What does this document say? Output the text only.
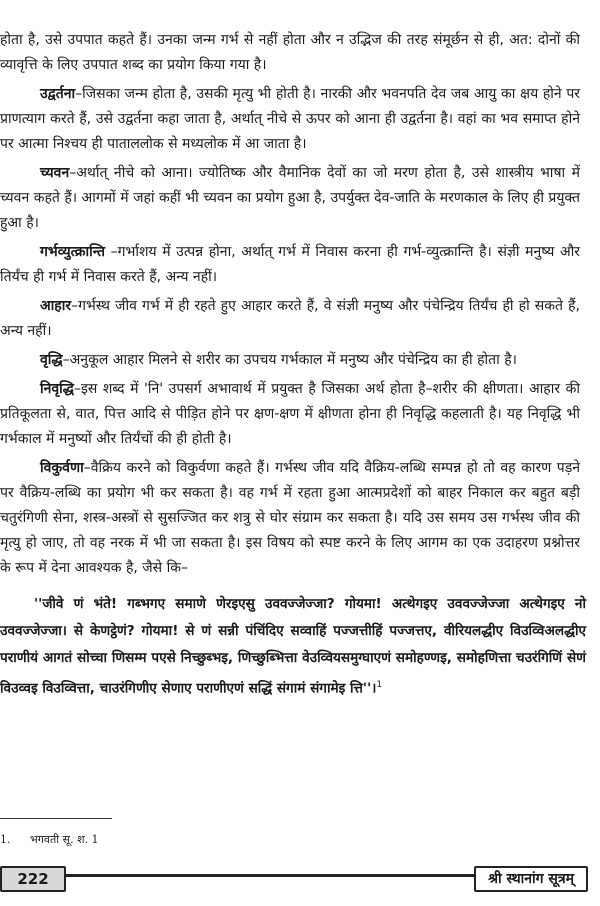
होता है, उसे उपपात कहते हैं। उनका जन्म गर्भ से नहीं होता और न उद्भिज की तरह संमूर्छन से ही, अत: दोनों की व्यावृत्ति के लिए उपपात शब्द का प्रयोग किया गया है।

उद्वर्तना–जिसका जन्म होता है, उसकी मृत्यु भी होती है। नारकी और भवनपति देव जब आयु का क्षय होने पर प्राणत्याग करते हैं, उसे उद्वर्तना कहा जाता है, अर्थात् नीचे से ऊपर को आना ही उद्वर्तना है। वहां का भव समाप्त होने पर आत्मा निश्चय ही पाताललोक से मध्यलोक में आ जाता है।

च्यवन–अर्थात् नीचे को आना। ज्योतिष्क और वैमानिक देवों का जो मरण होता है, उसे शास्त्रीय भाषा में च्यवन कहते हैं। आगमों में जहां कहीं भी च्यवन का प्रयोग हुआ है, उपर्युक्त देव-जाति के मरणकाल के लिए ही प्रयुक्त हुआ है।

गर्भव्युत्क्रान्ति –गर्भाशय में उत्पन्न होना, अर्थात् गर्भ में निवास करना ही गर्भ-व्युत्क्रान्ति है। संज्ञी मनुष्य और तिर्यंच ही गर्भ में निवास करते हैं, अन्य नहीं।

आहार–गर्भस्थ जीव गर्भ में ही रहते हुए आहार करते हैं, वे संज्ञी मनुष्य और पंचेन्द्रिय तिर्यंच ही हो सकते हैं, अन्य नहीं।

वृद्धि–अनुकूल आहार मिलने से शरीर का उपचय गर्भकाल में मनुष्य और पंचेन्द्रिय का ही होता है।

निवृद्धि–इस शब्द में 'नि' उपसर्ग अभावार्थ में प्रयुक्त है जिसका अर्थ होता है–शरीर की क्षीणता। आहार की प्रतिकूलता से, वात, पित्त आदि से पीड़ित होने पर क्षण-क्षण में क्षीणता होना ही निवृद्धि कहलाती है। यह निवृद्धि भी गर्भकाल में मनुष्यों और तिर्यंचों की ही होती है।

विकुर्वणा–वैक्रिय करने को विकुर्वणा कहते हैं। गर्भस्थ जीव यदि वैक्रिय-लब्धि सम्पन्न हो तो वह कारण पड़ने पर वैक्रिय-लब्धि का प्रयोग भी कर सकता है। वह गर्भ में रहता हुआ आत्मप्रदेशों को बाहर निकाल कर बहुत बड़ी चतुरंगिणी सेना, शस्त्र-अस्त्रों से सुसज्जित कर शत्रु से घोर संग्राम कर सकता है। यदि उस समय उस गर्भस्थ जीव की मृत्यु हो जाए, तो वह नरक में भी जा सकता है। इस विषय को स्पष्ट करने के लिए आगम का एक उदाहरण प्रश्नोत्तर के रूप में देना आवश्यक है, जैसे कि–

''जीवे णं भंते! गब्भगए समाणे णेरइएसु उववज्जेज्जा? गोयमा! अत्थेगइए उववज्जेज्जा अत्थेगइए नो उववज्जेज्जा। से केणट्ठेणं? गोयमा! से णं सन्नी पंचिंदिए सव्वाहिं पज्जत्तीहिं पज्जत्तए, वीरियलद्धीए विउव्विअलद्धीए पराणीयं आगतं सोच्चा णिसम्म पएसे निच्छुब्भइ, णिच्छुब्भित्ता वेउव्वियसमुग्घाएणं समोहण्णइ, समोहणित्ता चउरंगिणिं सेणं विउव्वइ विउव्वित्ता, चाउरंगिणीए सेणाए पराणीएणं सद्धिं संगामं संगामेइ त्ति''।$^1$

1. भगवती सू. श. 1
222	श्री स्थानांग सूत्रम्
